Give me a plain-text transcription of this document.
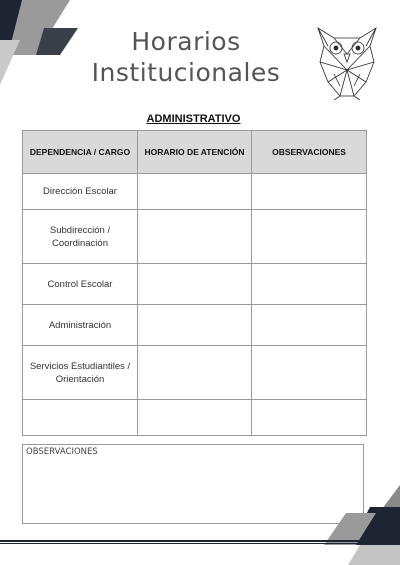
Horarios
Institucionales
ADMINISTRATIVO
DEPENDENCIA / CARGO	HORARIO DE ATENCIÓN	OBSERVACIONES
Dirección Escolar		
Subdirección / Coordinación		
Control Escolar		
Administración		
Servicios Estudiantiles / Orientación		

OBSERVACIONES
